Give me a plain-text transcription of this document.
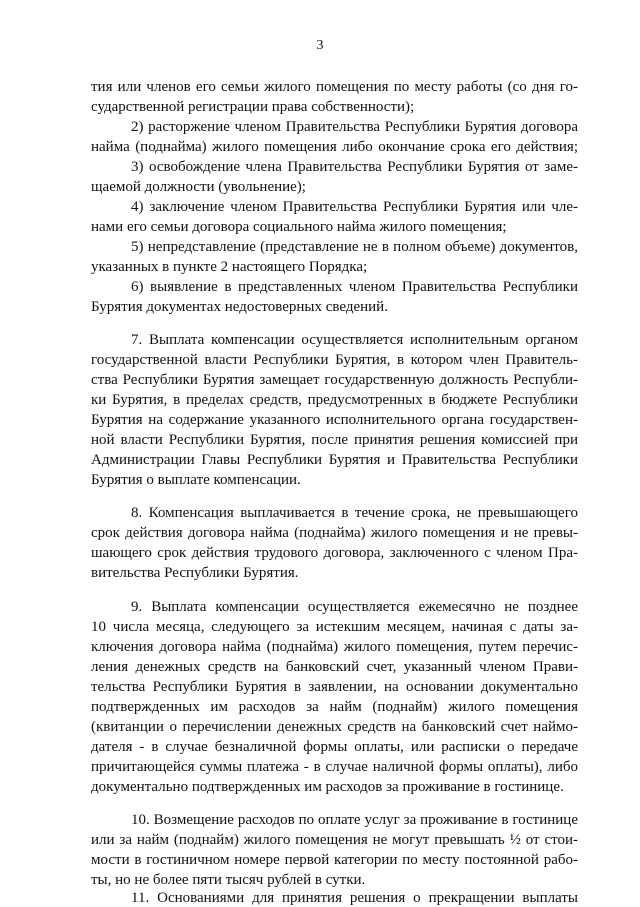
3
тия или членов его семьи жилого помещения по месту работы (со дня го-
сударственной регистрации права собственности);
2) расторжение членом Правительства Республики Бурятия договора
найма (поднайма) жилого помещения либо окончание срока его действия;
3) освобождение члена Правительства Республики Бурятия от заме-
щаемой должности (увольнение);
4) заключение членом Правительства Республики Бурятия или чле-
нами его семьи договора социального найма жилого помещения;
5) непредставление (представление не в полном объеме) документов,
указанных в пункте 2 настоящего Порядка;
6) выявление в представленных членом Правительства Республики
Бурятия документах недостоверных сведений.
7. Выплата компенсации осуществляется исполнительным органом
государственной власти Республики Бурятия, в котором член Правитель-
ства Республики Бурятия замещает государственную должность Республи-
ки Бурятия, в пределах средств, предусмотренных в бюджете Республики
Бурятия на содержание указанного исполнительного органа государствен-
ной власти Республики Бурятия, после принятия решения комиссией при
Администрации Главы Республики Бурятия и Правительства Республики
Бурятия о выплате компенсации.
8. Компенсация выплачивается в течение срока, не превышающего
срок действия договора найма (поднайма) жилого помещения и не превы-
шающего срок действия трудового договора, заключенного с членом Пра-
вительства Республики Бурятия.
9. Выплата компенсации осуществляется ежемесячно не позднее
10 числа месяца, следующего за истекшим месяцем, начиная с даты за-
ключения договора найма (поднайма) жилого помещения, путем перечис-
ления денежных средств на банковский счет, указанный членом Прави-
тельства Республики Бурятия в заявлении, на основании документально
подтвержденных им расходов за найм (поднайм) жилого помещения
(квитанции о перечислении денежных средств на банковский счет наймо-
дателя - в случае безналичной формы оплаты, или расписки о передаче
причитающейся суммы платежа - в случае наличной формы оплаты), либо
документально подтвержденных им расходов за проживание в гостинице.
10. Возмещение расходов по оплате услуг за проживание в гостинице
или за найм (поднайм) жилого помещения не могут превышать ½ от стои-
мости в гостиничном номере первой категории по месту постоянной рабо-
ты, но не более пяти тысяч рублей в сутки.
11. Основаниями для принятия решения о прекращении выплаты
